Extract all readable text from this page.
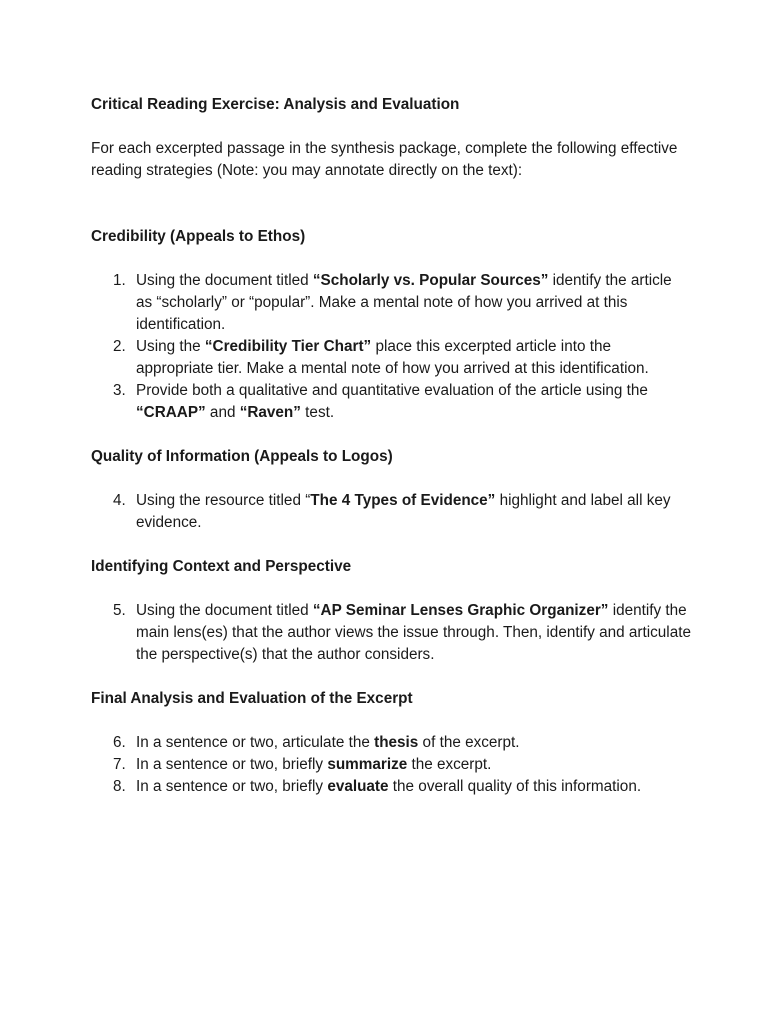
Critical Reading Exercise: Analysis and Evaluation

For each excerpted passage in the synthesis package, complete the following effective reading strategies (Note: you may annotate directly on the text):

Credibility (Appeals to Ethos)
1. Using the document titled “Scholarly vs. Popular Sources” identify the article as “scholarly” or “popular”. Make a mental note of how you arrived at this identification.
2. Using the “Credibility Tier Chart” place this excerpted article into the appropriate tier. Make a mental note of how you arrived at this identification.
3. Provide both a qualitative and quantitative evaluation of the article using the “CRAAP” and “Raven” test.
Quality of Information (Appeals to Logos)
4. Using the resource titled “The 4 Types of Evidence” highlight and label all key evidence.
Identifying Context and Perspective
5. Using the document titled “AP Seminar Lenses Graphic Organizer” identify the main lens(es) that the author views the issue through. Then, identify and articulate the perspective(s) that the author considers.
Final Analysis and Evaluation of the Excerpt
6. In a sentence or two, articulate the thesis of the excerpt.
7. In a sentence or two, briefly summarize the excerpt.
8. In a sentence or two, briefly evaluate the overall quality of this information.
